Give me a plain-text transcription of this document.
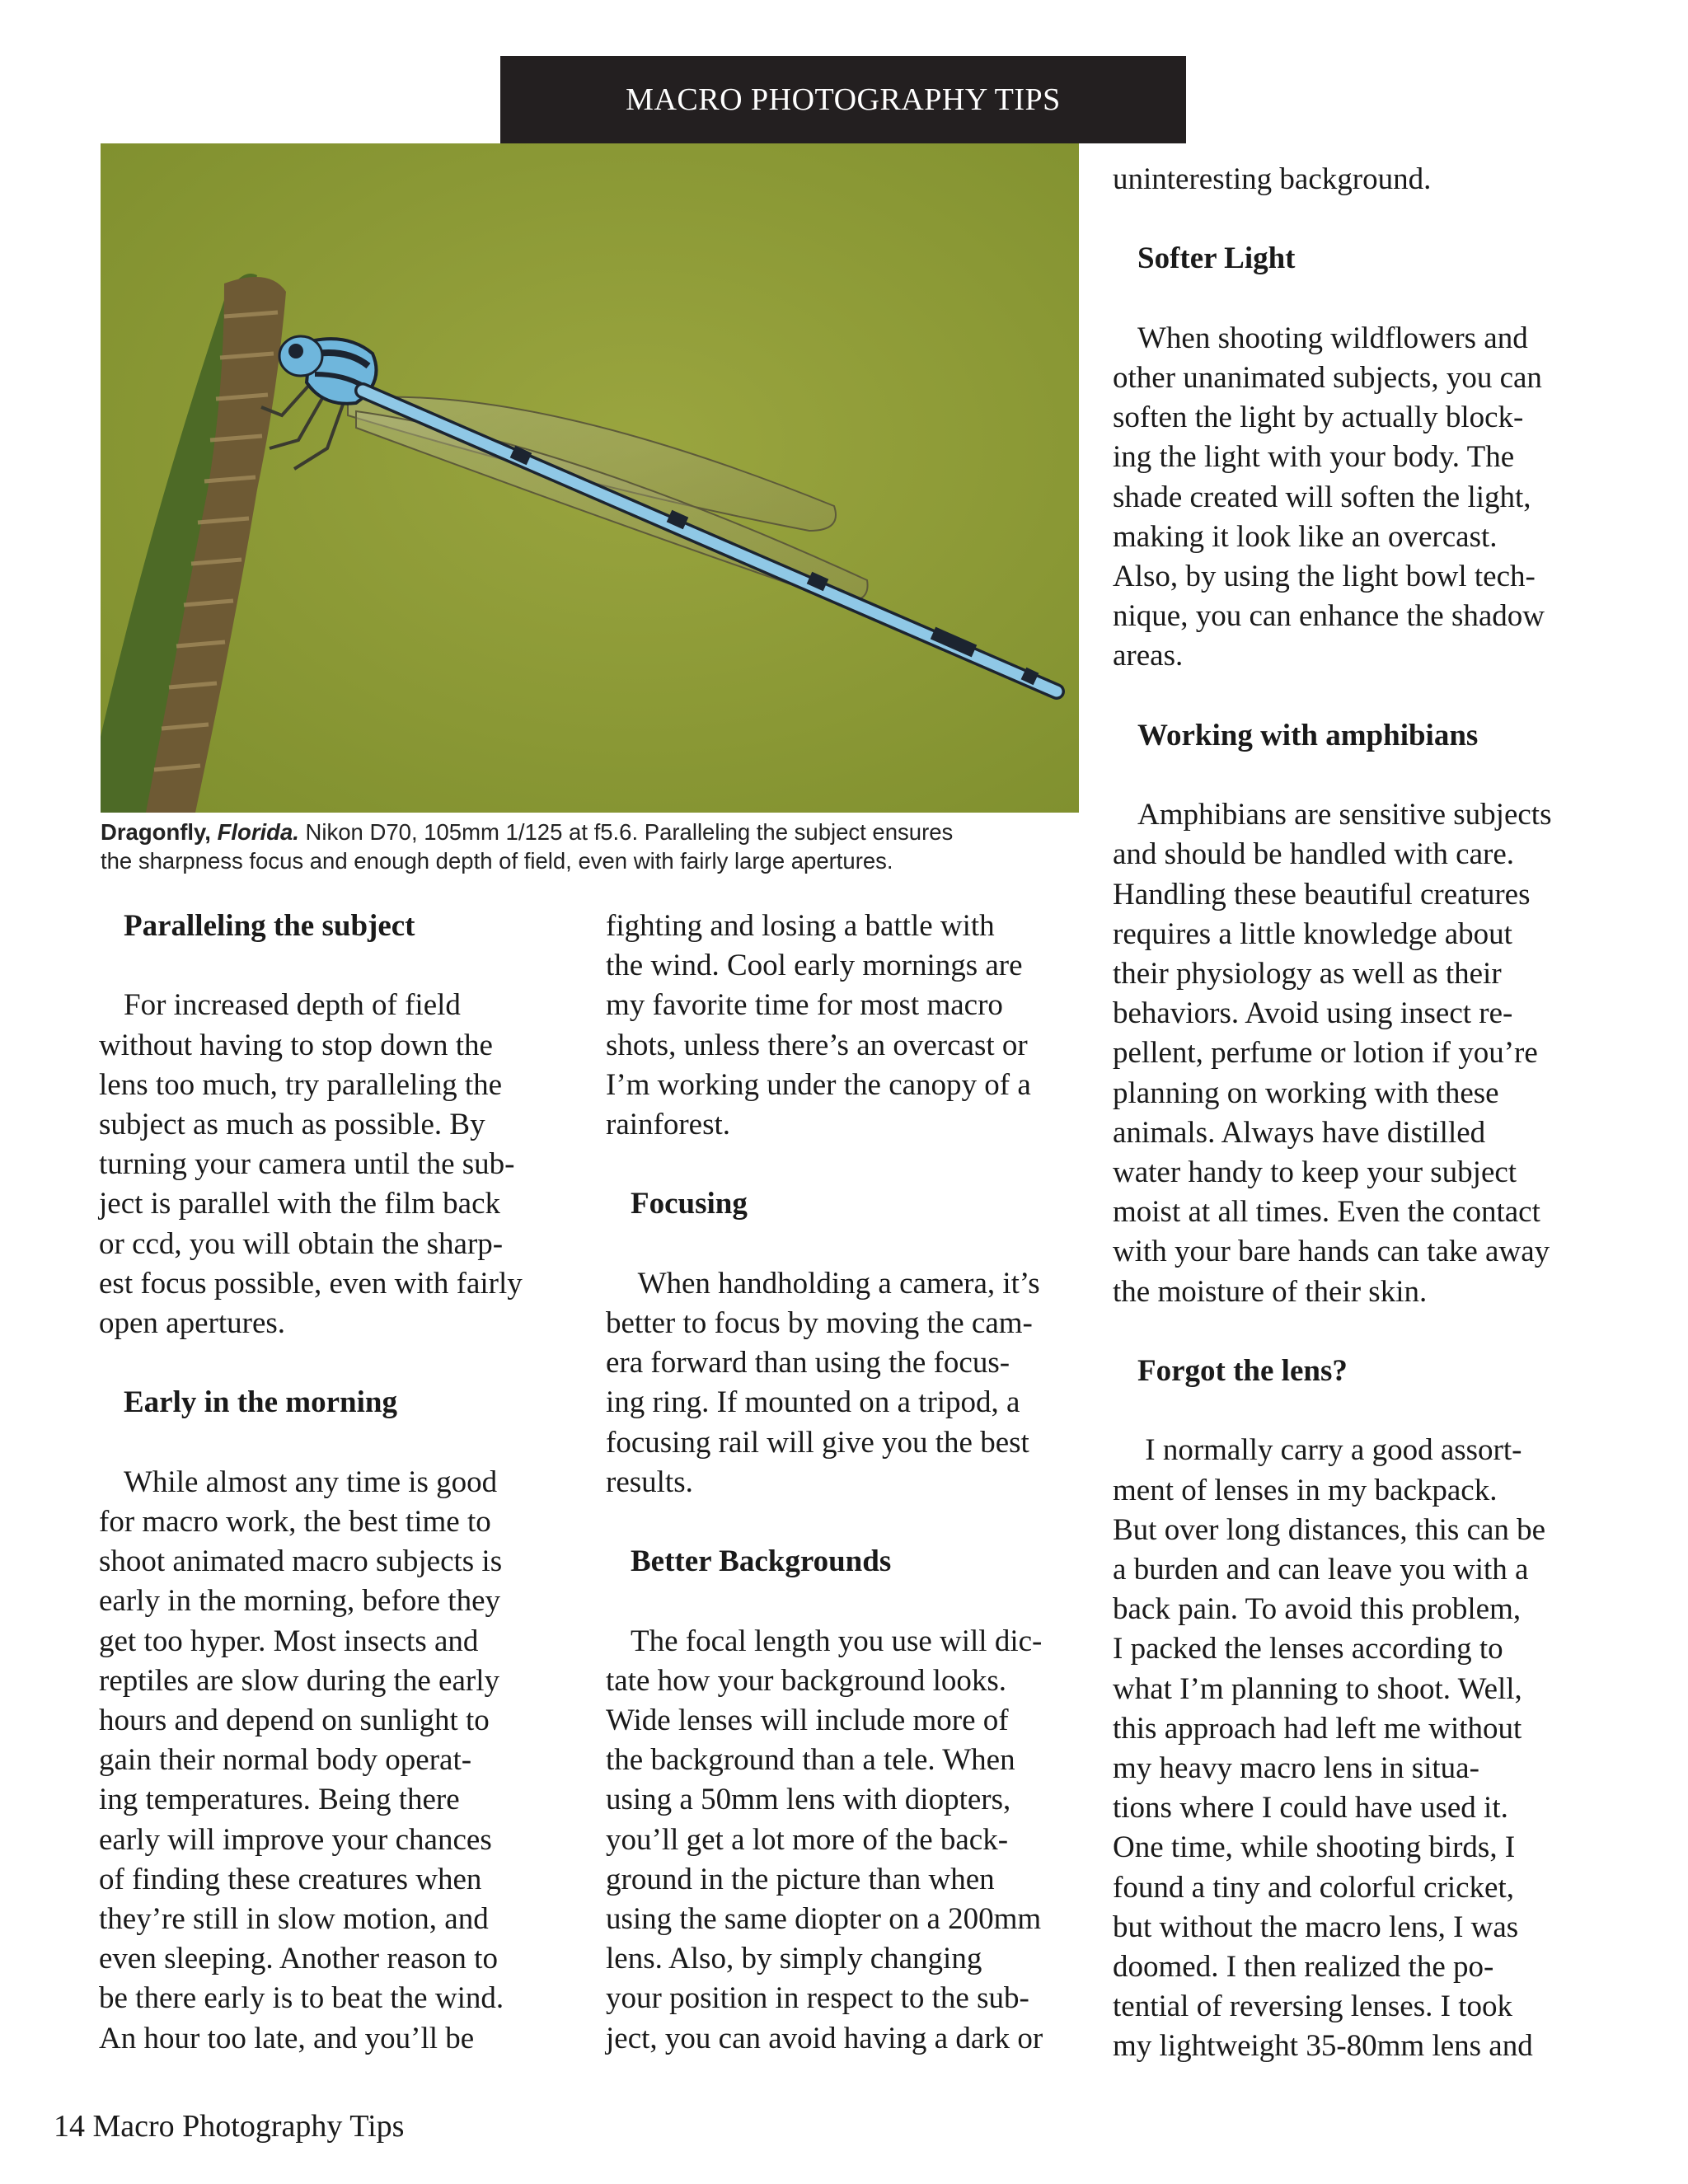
MACRO PHOTOGRAPHY TIPS
Dragonfly, Florida. Nikon D70, 105mm 1/125 at f5.6. Paralleling the subject ensures
the sharpness focus and enough depth of field, even with fairly large apertures.

Paralleling the subject

For increased depth of field

without having to stop down the

lens too much, try paralleling the

subject as much as possible. By

turning your camera until the sub-

ject is parallel with the film back

or ccd, you will obtain the sharp-

est focus possible, even with fairly

open apertures.

Early in the morning

While almost any time is good

for macro work, the best time to

shoot animated macro subjects is

early in the morning, before they

get too hyper. Most insects and

reptiles are slow during the early

hours and depend on sunlight to

gain their normal body operat-

ing temperatures. Being there

early will improve your chances

of finding these creatures when

they’re still in slow motion, and

even sleeping. Another reason to

be there early is to beat the wind.

An hour too late, and you’ll be

fighting and losing a battle with

the wind. Cool early mornings are

my favorite time for most macro

shots, unless there’s an overcast or

I’m working under the canopy of a

rainforest.

Focusing

When handholding a camera, it’s

better to focus by moving the cam-

era forward than using the focus-

ing ring. If mounted on a tripod, a

focusing rail will give you the best

results.

Better Backgrounds

The focal length you use will dic-

tate how your background looks.

Wide lenses will include more of

the background than a tele. When

using a 50mm lens with diopters,

you’ll get a lot more of the back-

ground in the picture than when

using the same diopter on a 200mm

lens. Also, by simply changing

your position in respect to the sub-

ject, you can avoid having a dark or

uninteresting background.

Softer Light

When shooting wildflowers and

other unanimated subjects, you can

soften the light by actually block-

ing the light with your body. The

shade created will soften the light,

making it look like an overcast.

Also, by using the light bowl tech-

nique, you can enhance the shadow

areas.

Working with amphibians

Amphibians are sensitive subjects

and should be handled with care.

Handling these beautiful creatures

requires a little knowledge about

their physiology as well as their

behaviors. Avoid using insect re-

pellent, perfume or lotion if you’re

planning on working with these

animals. Always have distilled

water handy to keep your subject

moist at all times. Even the contact

with your bare hands can take away

the moisture of their skin.

Forgot the lens?

I normally carry a good assort-

ment of lenses in my backpack.

But over long distances, this can be

a burden and can leave you with a

back pain. To avoid this problem,

I packed the lenses according to

what I’m planning to shoot. Well,

this approach had left me without

my heavy macro lens in situa-

tions where I could have used it.

One time, while shooting birds, I

found a tiny and colorful cricket,

but without the macro lens, I was

doomed. I then realized the po-

tential of reversing lenses. I took

my lightweight 35-80mm lens and

14 Macro Photography Tips
